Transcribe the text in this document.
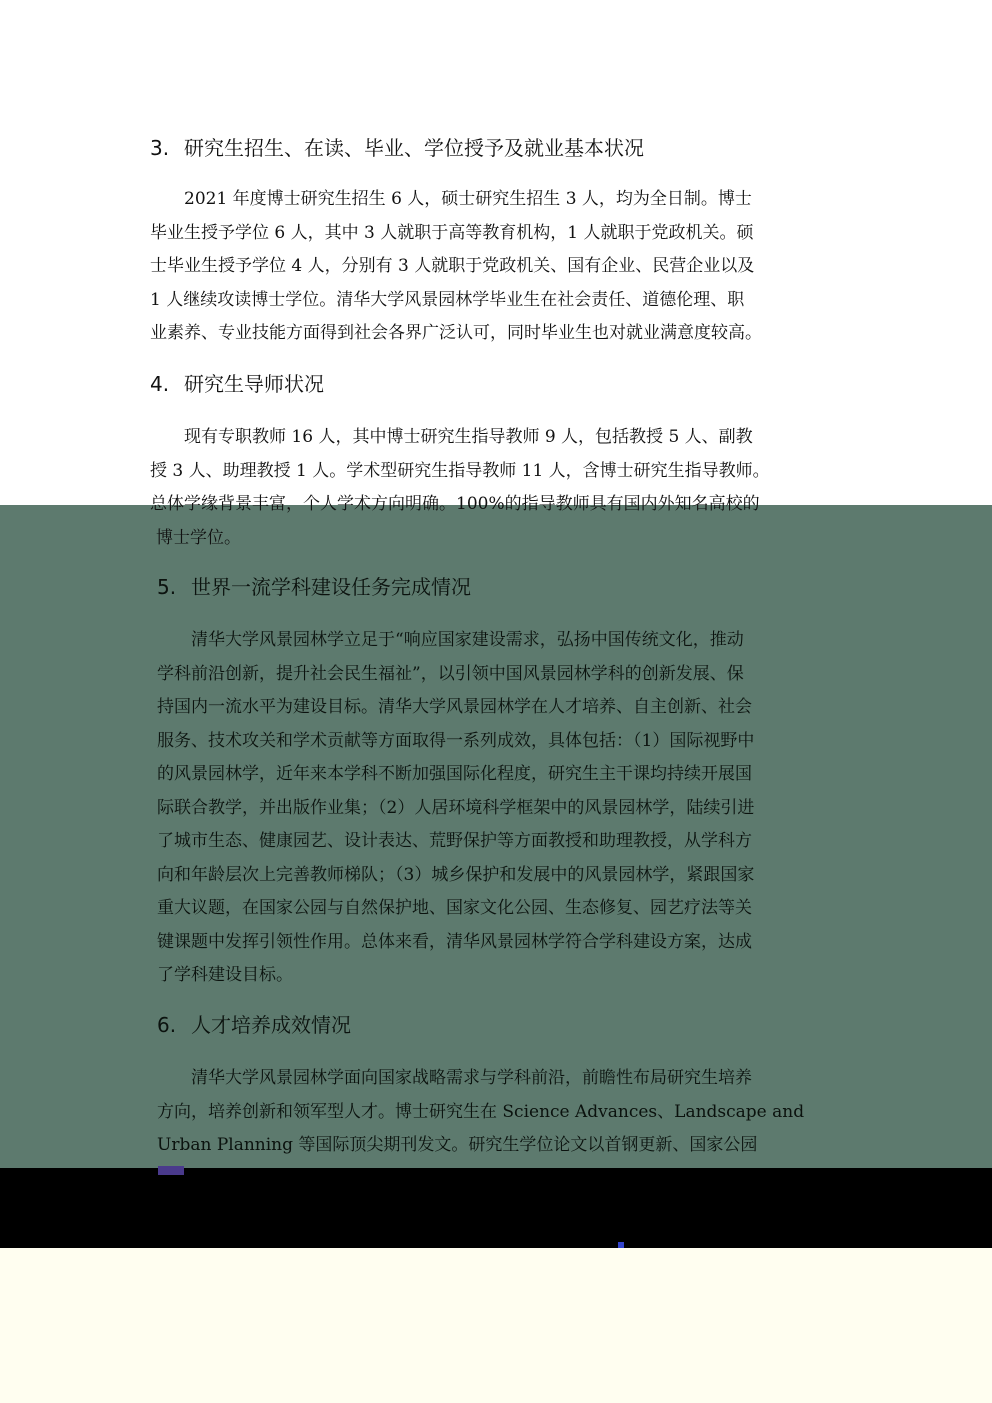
3. 研究生招生、在读、毕业、学位授予及就业基本状况
　　2021 年度博士研究生招生 6 人，硕士研究生招生 3 人，均为全日制。博士
毕业生授予学位 6 人，其中 3 人就职于高等教育机构，1 人就职于党政机关。硕
士毕业生授予学位 4 人，分别有 3 人就职于党政机关、国有企业、民营企业以及
1 人继续攻读博士学位。清华大学风景园林学毕业生在社会责任、道德伦理、职
业素养、专业技能方面得到社会各界广泛认可，同时毕业生也对就业满意度较高。
4. 研究生导师状况
　　现有专职教师 16 人，其中博士研究生指导教师 9 人，包括教授 5 人、副教
授 3 人、助理教授 1 人。学术型研究生指导教师 11 人，含博士研究生指导教师。
总体学缘背景丰富，个人学术方向明确。100%的指导教师具有国内外知名高校的
博士学位。
5. 世界一流学科建设任务完成情况
　　清华大学风景园林学立足于“响应国家建设需求，弘扬中国传统文化，推动
学科前沿创新，提升社会民生福祉”，以引领中国风景园林学科的创新发展、保
持国内一流水平为建设目标。清华大学风景园林学在人才培养、自主创新、社会
服务、技术攻关和学术贡献等方面取得一系列成效，具体包括：（1）国际视野中
的风景园林学，近年来本学科不断加强国际化程度，研究生主干课均持续开展国
际联合教学，并出版作业集；（2）人居环境科学框架中的风景园林学，陆续引进
了城市生态、健康园艺、设计表达、荒野保护等方面教授和助理教授，从学科方
向和年龄层次上完善教师梯队；（3）城乡保护和发展中的风景园林学，紧跟国家
重大议题，在国家公园与自然保护地、国家文化公园、生态修复、园艺疗法等关
键课题中发挥引领性作用。总体来看，清华风景园林学符合学科建设方案，达成
了学科建设目标。
6. 人才培养成效情况
　　清华大学风景园林学面向国家战略需求与学科前沿，前瞻性布局研究生培养
方向，培养创新和领军型人才。博士研究生在 Science Advances、Landscape and
Urban Planning 等国际顶尖期刊发文。研究生学位论文以首钢更新、国家公园
